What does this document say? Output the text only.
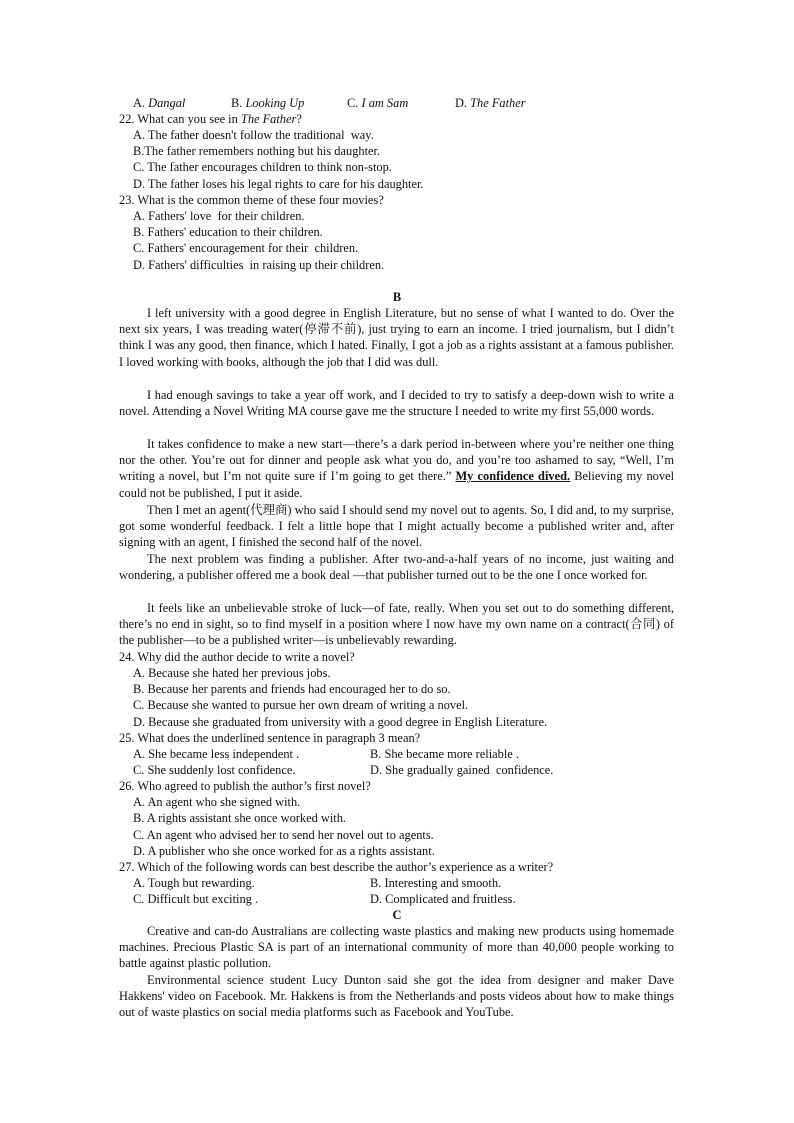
A. Dangal	B. Looking Up	C. I am Sam	D. The Father
22. What can you see in The Father?
A. The father doesn't follow the traditional  way.
B.The father remembers nothing but his daughter.
C. The father encourages children to think non-stop.
D. The father loses his legal rights to care for his daughter.
23. What is the common theme of these four movies?
A. Fathers' love  for their children.
B. Fathers' education to their children.
C. Fathers' encouragement for their  children.
D. Fathers' difficulties  in raising up their children.
B
I left university with a good degree in English Literature, but no sense of what I wanted to do. Over the next six years, I was treading water(停滞不前), just trying to earn an income. I tried journalism, but I didn’t think I was any good, then finance, which I hated. Finally, I got a job as a rights assistant at a famous publisher. I loved working with books, although the job that I did was dull.
I had enough savings to take a year off work, and I decided to try to satisfy a deep-down wish to write a novel. Attending a Novel Writing MA course gave me the structure I needed to write my first 55,000 words.
It takes confidence to make a new start—there’s a dark period in-between where you’re neither one thing nor the other. You’re out for dinner and people ask what you do, and you’re too ashamed to say, “Well, I’m writing a novel, but I’m not quite sure if I’m going to get there.” My confidence dived. Believing my novel could not be published, I put it aside.
Then I met an agent(代理商) who said I should send my novel out to agents. So, I did and, to my surprise, got some wonderful feedback. I felt a little hope that I might actually become a published writer and, after signing with an agent, I finished the second half of the novel.
The next problem was finding a publisher. After two-and-a-half years of no income, just waiting and wondering, a publisher offered me a book deal —that publisher turned out to be the one I once worked for.
It feels like an unbelievable stroke of luck—of fate, really. When you set out to do something different, there’s no end in sight, so to find myself in a position where I now have my own name on a contract(合同) of the publisher—to be a published writer—is unbelievably rewarding.
24. Why did the author decide to write a novel?
A. Because she hated her previous jobs.
B. Because her parents and friends had encouraged her to do so.
C. Because she wanted to pursue her own dream of writing a novel.
D. Because she graduated from university with a good degree in English Literature.
25. What does the underlined sentence in paragraph 3 mean?
A. She became less independent .	B. She became more reliable .
C. She suddenly lost confidence.	D. She gradually gained  confidence.
26. Who agreed to publish the author’s first novel?
A. An agent who she signed with.
B. A rights assistant she once worked with.
C. An agent who advised her to send her novel out to agents.
D. A publisher who she once worked for as a rights assistant.
27. Which of the following words can best describe the author’s experience as a writer?
A. Tough but rewarding.	B. Interesting and smooth.
C. Difficult but exciting .	D. Complicated and fruitless.
C
Creative and can-do Australians are collecting waste plastics and making new products using homemade machines. Precious Plastic SA is part of an international community of more than 40,000 people working to battle against plastic pollution.
Environmental science student Lucy Dunton said she got the idea from designer and maker Dave Hakkens' video on Facebook. Mr. Hakkens is from the Netherlands and posts videos about how to make things out of waste plastics on social media platforms such as Facebook and YouTube.
